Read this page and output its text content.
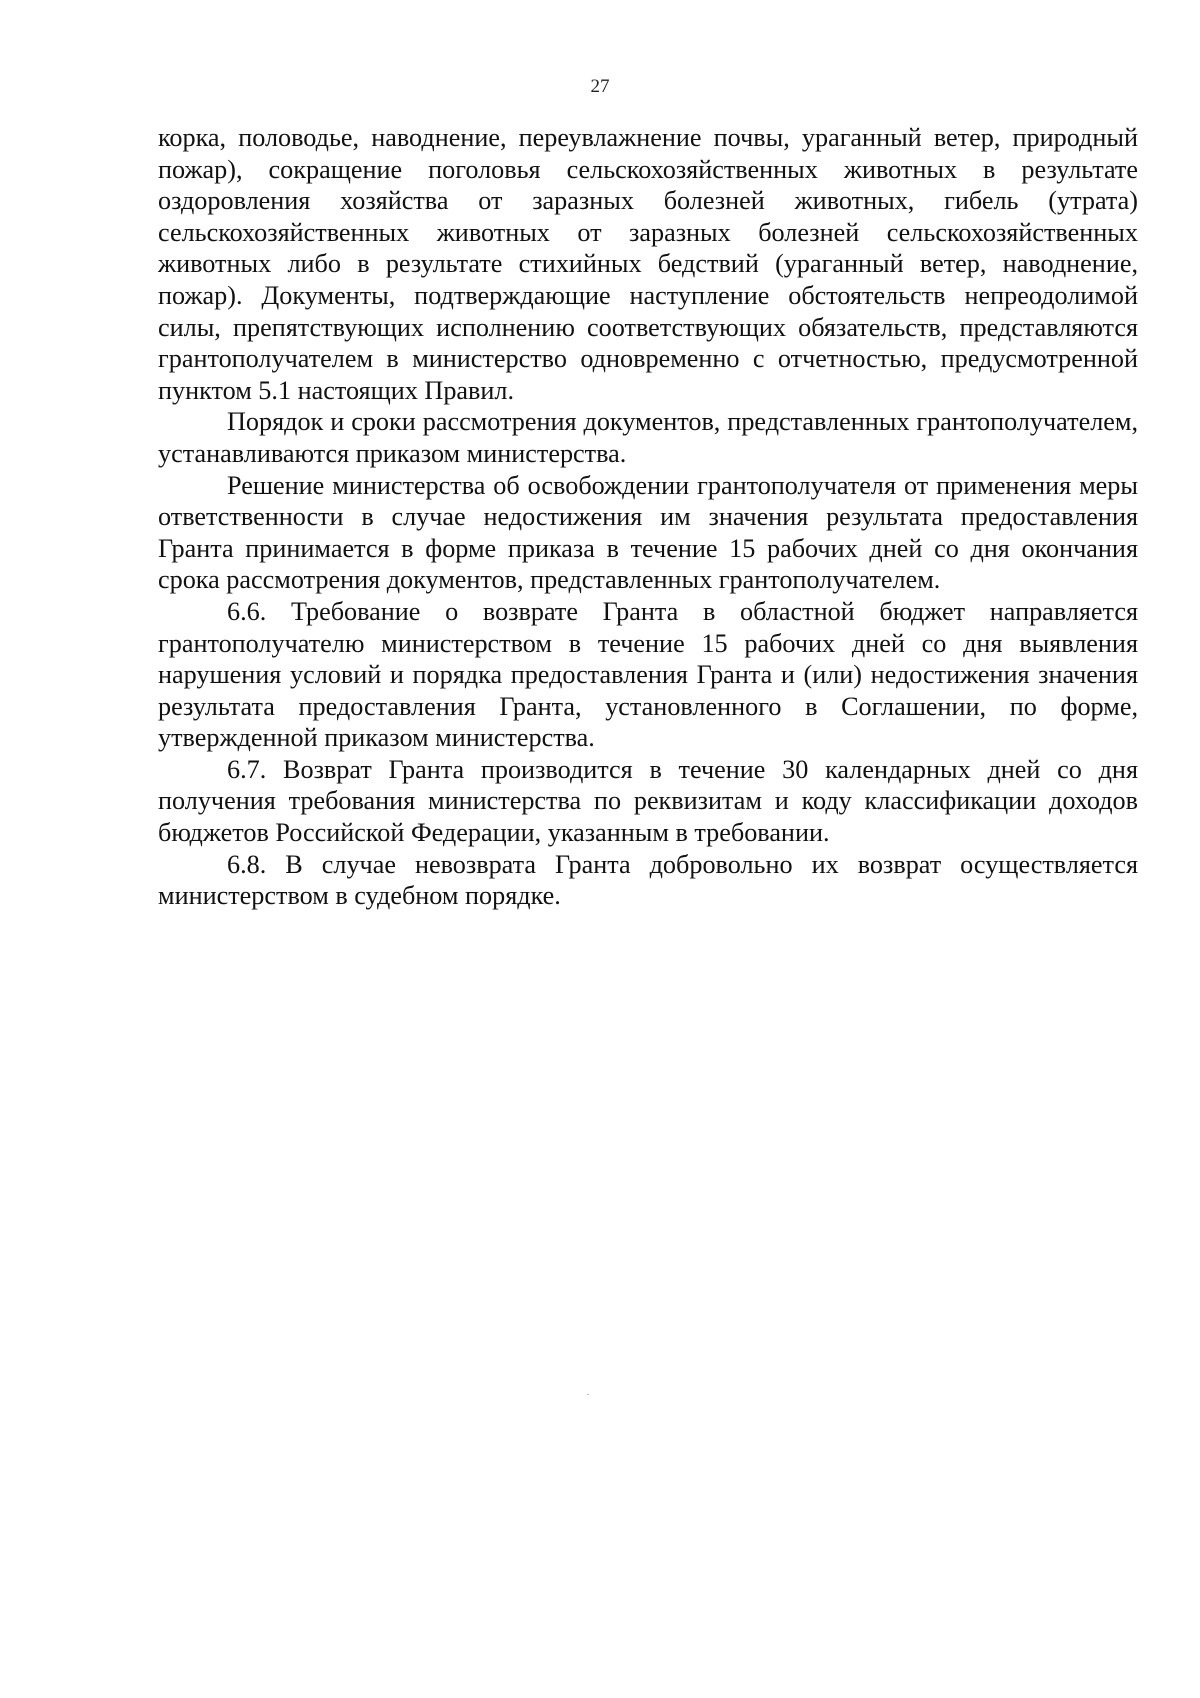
27

корка, половодье, наводнение, переувлажнение почвы, ураганный ветер, природный пожар), сокращение поголовья сельскохозяйственных животных в результате оздоровления хозяйства от заразных болезней животных, гибель (утрата) сельскохозяйственных животных от заразных болезней сельскохозяйственных животных либо в результате стихийных бедствий (ураганный ветер, наводнение, пожар). Документы, подтверждающие наступление обстоятельств непреодолимой силы, препятствующих исполнению соответствующих обязательств, представляются грантополучателем в министерство одновременно с отчетностью, предусмотренной пунктом 5.1 настоящих Правил.

Порядок и сроки рассмотрения документов, представленных грантополучателем, устанавливаются приказом министерства.

Решение министерства об освобождении грантополучателя от применения меры ответственности в случае недостижения им значения результата предоставления Гранта принимается в форме приказа в течение 15 рабочих дней со дня окончания срока рассмотрения документов, представленных грантополучателем.

6.6. Требование о возврате Гранта в областной бюджет направляется грантополучателю министерством в течение 15 рабочих дней со дня выявления нарушения условий и порядка предоставления Гранта и (или) недостижения значения результата предоставления Гранта, установленного в Соглашении, по форме, утвержденной приказом министерства.

6.7. Возврат Гранта производится в течение 30 календарных дней со дня получения требования министерства по реквизитам и коду классификации доходов бюджетов Российской Федерации, указанным в требовании.

6.8. В случае невозврата Гранта добровольно их возврат осуществляется министерством в судебном порядке.
